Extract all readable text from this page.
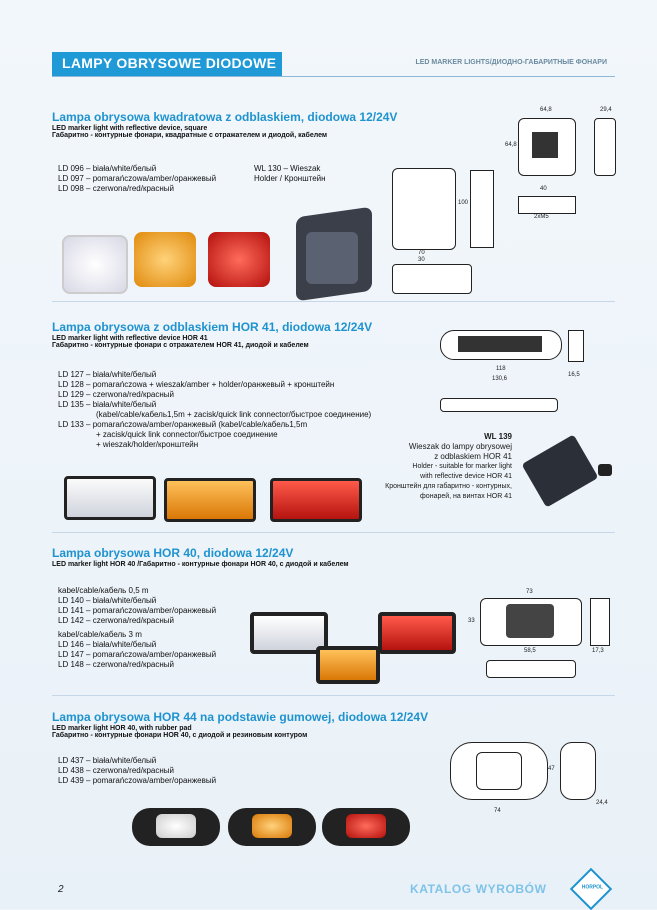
LAMPY OBRYSOWE DIODOWE	LED MARKER LIGHTS/ДИОДНО-ГАБАРИТНЫЕ ФОНАРИ
Lampa obrysowa kwadratowa z odblaskiem, diodowa 12/24V
LED marker light with reflective device, square
Габаритно - контурные фонари, квадратные с отражателем и диодой, кабелем
LD 096 – biała/white/белый
LD 097 – pomarańczowa/amber/оранжевый
LD 098 – czerwona/red/красный
WL 130 – Wieszak
Holder / Кронштейн
64,8	29,4
40
2xM5
64,8
100
70
30
Lampa obrysowa z odblaskiem HOR 41, diodowa 12/24V
LED marker light with reflective device HOR 41
Габаритно - контурные фонари с отражателем HOR 41, диодой и кабелем
LD 127 – biała/white/белый
LD 128 – pomarańczowa + wieszak/amber + holder/оранжевый + кронштейн
LD 129 – czerwona/red/красный
LD 135 – biała/white/белый
(kabel/cable/кабель1,5m + zacisk/quick link connector/быстрое соединение)
LD 133 – pomarańczowa/amber/оранжевый (kabel/cable/кабель1,5m
+ zacisk/quick link connector/быстрое соединение
+ wieszak/holder/кронштейн
118
130,6
16,5
WL 139
Wieszak do lampy obrysowej
z odblaskiem HOR 41
Holder - suitable for marker light
with reflective device HOR 41
Кронштейн для габаритно - контурных,
фонарей, на винтах HOR 41
Lampa obrysowa HOR 40, diodowa 12/24V
LED marker light HOR 40 /Габаритно - контурные фонари HOR 40, с диодой и кабелем
kabel/cable/кабель 0,5 m
LD 140 – biała/white/белый
LD 141 – pomarańczowa/amber/оранжевый
LD 142 – czerwona/red/красный
kabel/cable/кабель 3 m
LD 146 – biała/white/белый
LD 147 – pomarańczowa/amber/оранжевый
LD 148 – czerwona/red/красный
73
33
58,5	17,3
Lampa obrysowa HOR 44 na podstawie gumowej, diodowa 12/24V
LED marker light HOR 40, with rubber pad
Габаритно - контурные фонари HOR 40, с диодой и резиновым контуром
LD 437 – biała/white/белый
LD 438 – czerwona/red/красный
LD 439 – pomarańczowa/amber/оранжевый
47
74
24,4
2	KATALOG WYROBÓW	HORPOL
